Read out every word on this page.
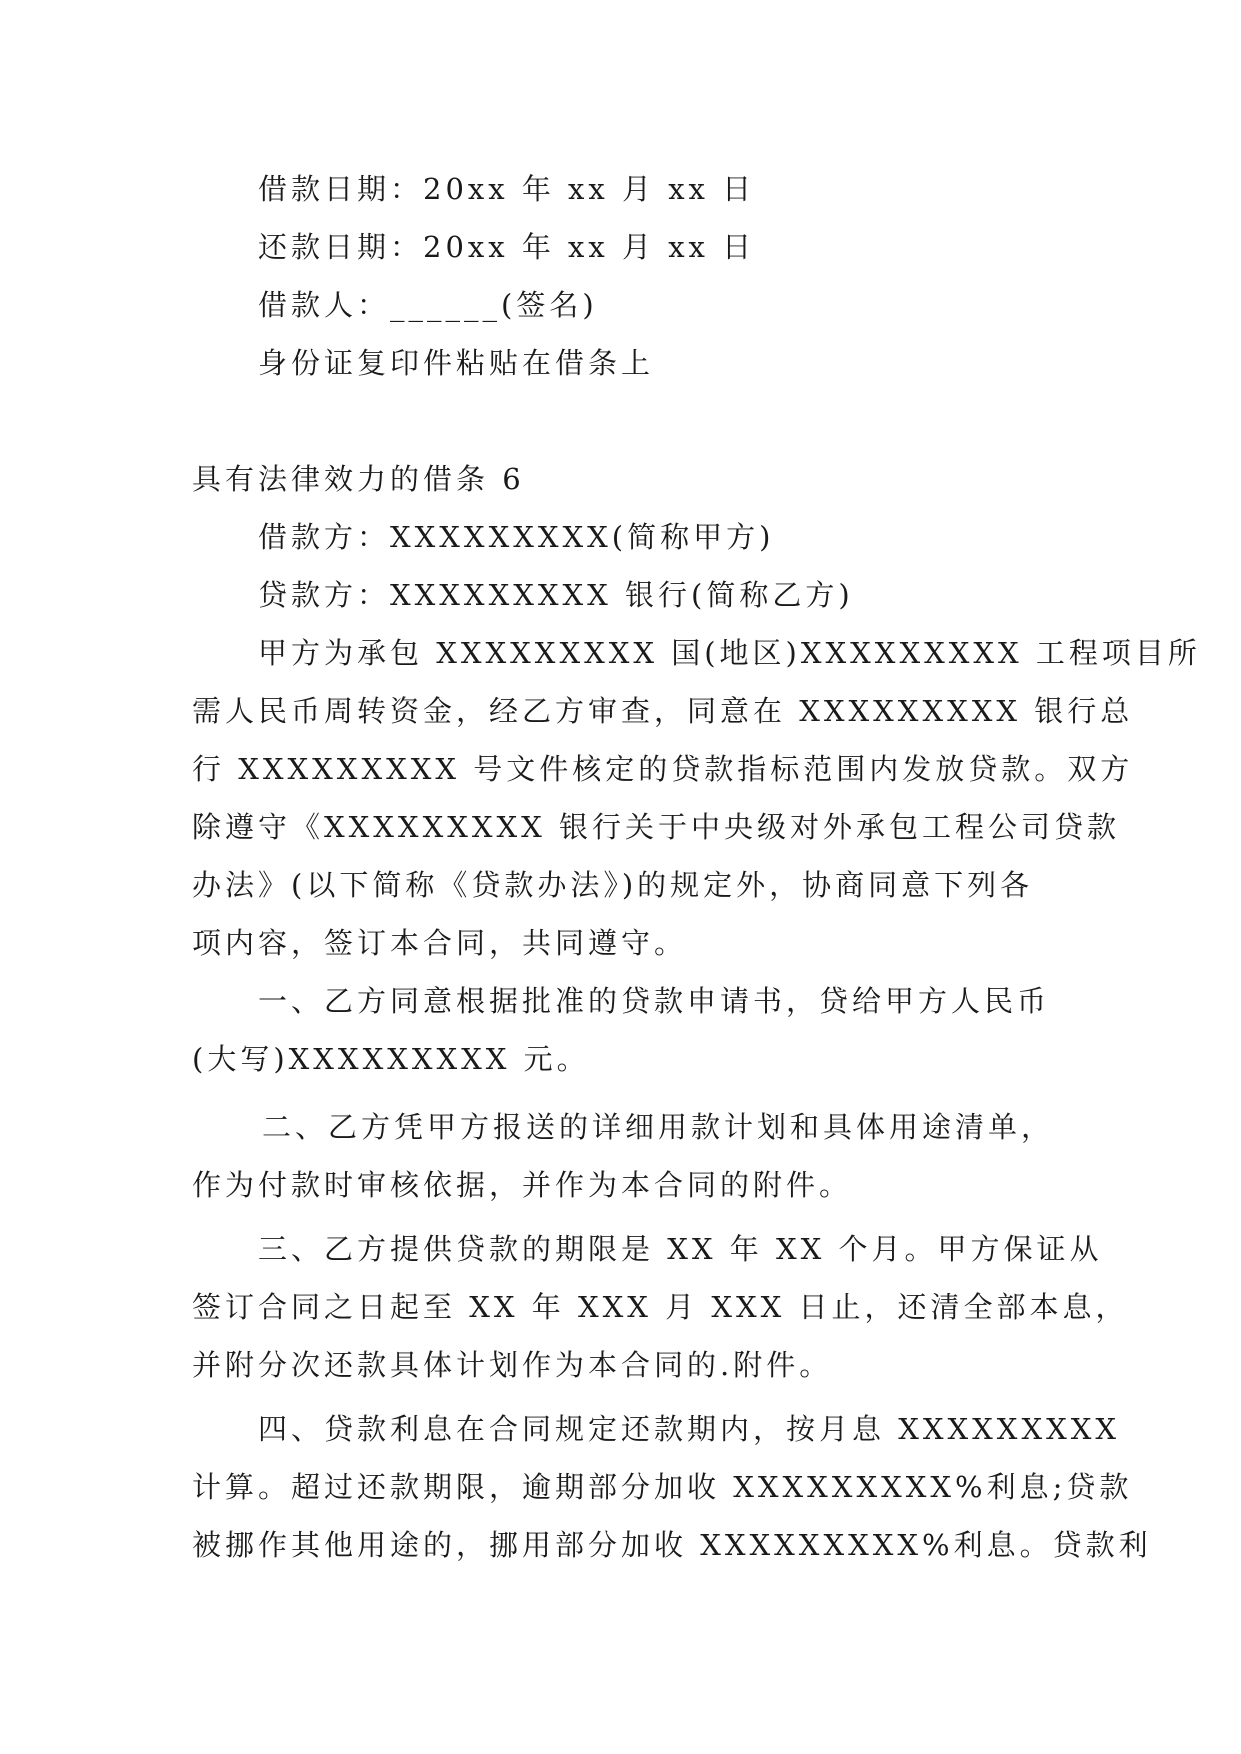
借款日期：20xx 年 xx 月 xx 日

还款日期：20xx 年 xx 月 xx 日

借款人：______(签名)

身份证复印件粘贴在借条上

具有法律效力的借条 6

借款方：XXXXXXXXX(简称甲方)

贷款方：XXXXXXXXX 银行(简称乙方)

甲方为承包 XXXXXXXXX 国(地区)XXXXXXXXX 工程项目所

需人民币周转资金，经乙方审查，同意在 XXXXXXXXX 银行总

行 XXXXXXXXX 号文件核定的贷款指标范围内发放贷款。双方

除遵守《XXXXXXXXX 银行关于中央级对外承包工程公司贷款

办法》(以下简称《贷款办法》)的规定外，协商同意下列各

项内容，签订本合同，共同遵守。

一、乙方同意根据批准的贷款申请书，贷给甲方人民币

(大写)XXXXXXXXX 元。

二、乙方凭甲方报送的详细用款计划和具体用途清单，

作为付款时审核依据，并作为本合同的附件。

三、乙方提供贷款的期限是 XX 年 XX 个月。甲方保证从

签订合同之日起至 XX 年 XXX 月 XXX 日止，还清全部本息，

并附分次还款具体计划作为本合同的.附件。

四、贷款利息在合同规定还款期内，按月息 XXXXXXXXX

计算。超过还款期限，逾期部分加收 XXXXXXXXX%利息;贷款

被挪作其他用途的，挪用部分加收 XXXXXXXXX%利息。贷款利
